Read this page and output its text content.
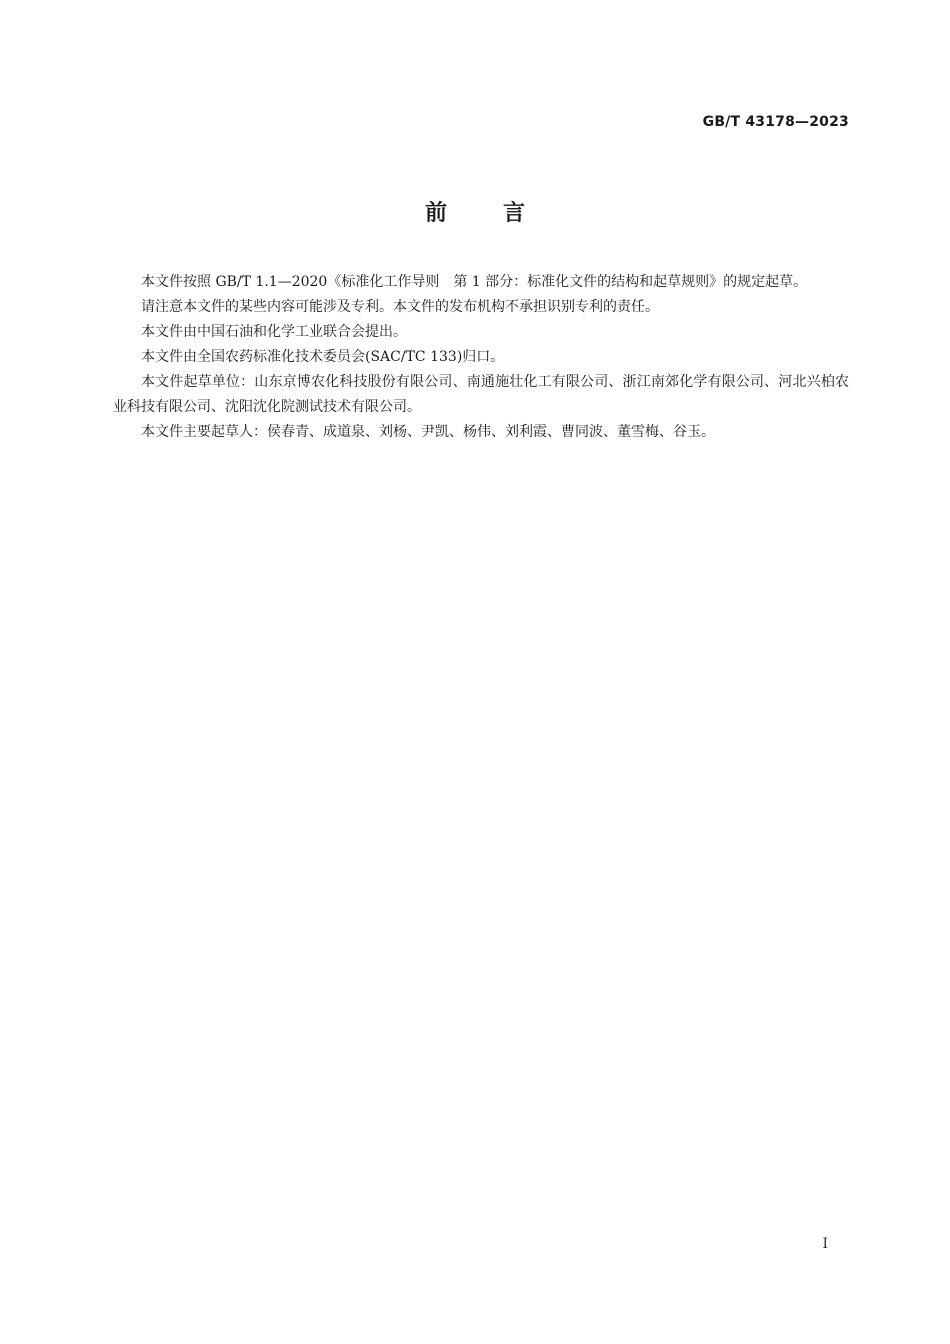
GB/T 43178—2023
前言

本文件按照 GB/T 1.1—2020《标准化工作导则　第 1 部分：标准化文件的结构和起草规则》的规定起草。

请注意本文件的某些内容可能涉及专利。本文件的发布机构不承担识别专利的责任。

本文件由中国石油和化学工业联合会提出。

本文件由全国农药标准化技术委员会(SAC/TC 133)归口。

本文件起草单位：山东京博农化科技股份有限公司、南通施壮化工有限公司、浙江南郊化学有限公司、河北兴柏农业科技有限公司、沈阳沈化院测试技术有限公司。

本文件主要起草人：侯春青、成道泉、刘杨、尹凯、杨伟、刘利霞、曹同波、董雪梅、谷玉。

I
